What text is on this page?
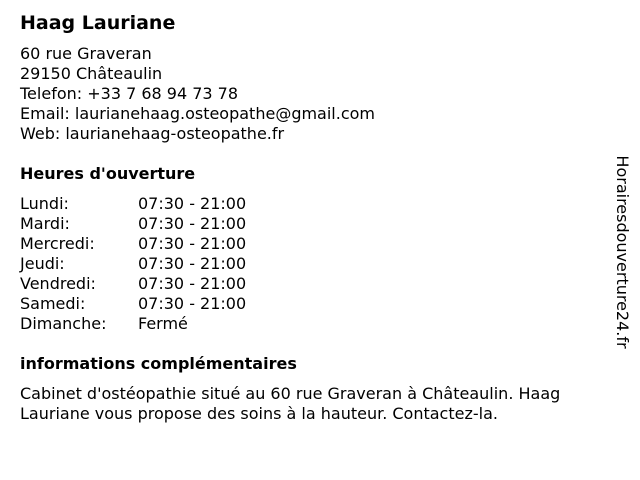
Haag Lauriane
60 rue Graveran
29150 Châteaulin
Telefon: +33 7 68 94 73 78
Email: laurianehaag.osteopathe@gmail.com
Web: laurianehaag-osteopathe.fr
Heures d'ouverture
Lundi:	07:30 - 21:00
Mardi:	07:30 - 21:00
Mercredi:	07:30 - 21:00
Jeudi:	07:30 - 21:00
Vendredi:	07:30 - 21:00
Samedi:	07:30 - 21:00
Dimanche:	Fermé
informations complémentaires
Cabinet d'ostéopathie situé au 60 rue Graveran à Châteaulin. Haag Lauriane vous propose des soins à la hauteur. Contactez-la.
Horairesdouverture24.fr
